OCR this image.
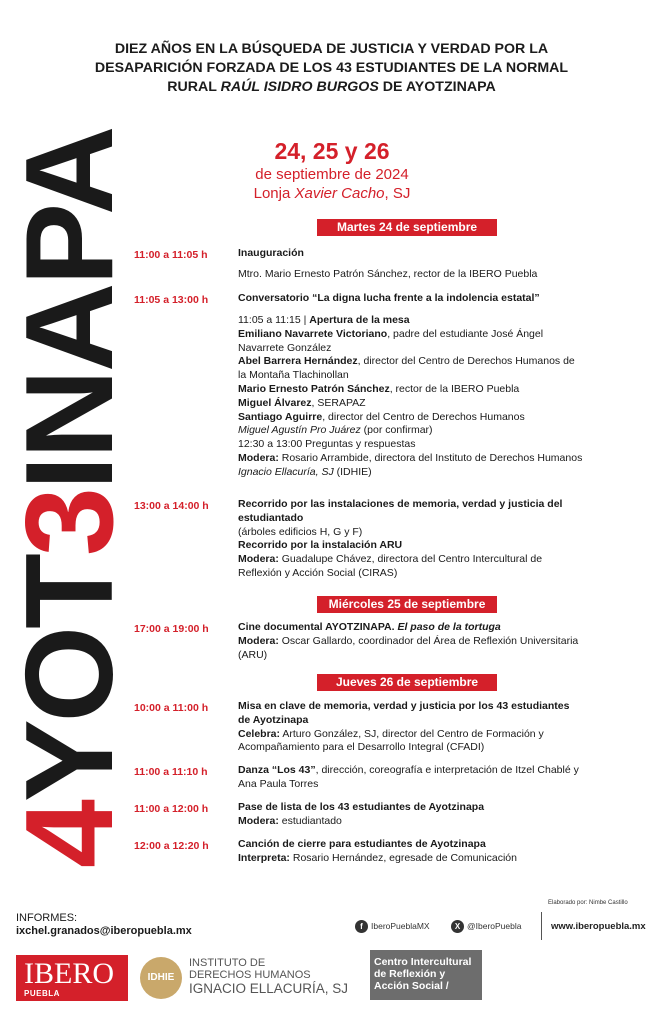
DIEZ AÑOS EN LA BÚSQUEDA DE JUSTICIA Y VERDAD POR LA
DESAPARICIÓN FORZADA DE LOS 43 ESTUDIANTES DE LA NORMAL
RURAL RAÚL ISIDRO BURGOS DE AYOTZINAPA
4YOT3INAPA	24, 25 y 26
de septiembre de 2024
Lonja Xavier Cacho, SJ
Martes 24 de septiembre
11:00 a 11:05 h	Inauguración
Mtro. Mario Ernesto Patrón Sánchez, rector de la IBERO Puebla
11:05 a 13:00 h	Conversatorio “La digna lucha frente a la indolencia estatal”
11:05 a 11:15 | Apertura de la mesa
Emiliano Navarrete Victoriano, padre del estudiante José Ángel Navarrete González
Abel Barrera Hernández, director del Centro de Derechos Humanos de la Montaña Tlachinollan
Mario Ernesto Patrón Sánchez, rector de la IBERO Puebla
Miguel Álvarez, SERAPAZ
Santiago Aguirre, director del Centro de Derechos Humanos
Miguel Agustín Pro Juárez (por confirmar)
12:30 a 13:00 Preguntas y respuestas
Modera: Rosario Arrambide, directora del Instituto de Derechos Humanos Ignacio Ellacuría, SJ (IDHIE)
13:00 a 14:00 h	Recorrido por las instalaciones de memoria, verdad y justicia del estudiantado
(árboles edificios H, G y F)
Recorrido por la instalación ARU
Modera: Guadalupe Chávez, directora del Centro Intercultural de Reflexión y Acción Social (CIRAS)
Miércoles 25 de septiembre
17:00 a 19:00 h	Cine documental AYOTZINAPA. El paso de la tortuga
Modera: Oscar Gallardo, coordinador del Área de Reflexión Universitaria (ARU)
Jueves 26 de septiembre
10:00 a 11:00 h	Misa en clave de memoria, verdad y justicia por los 43 estudiantes de Ayotzinapa
Celebra: Arturo González, SJ, director del Centro de Formación y Acompañamiento para el Desarrollo Integral (CFADI)
11:00 a 11:10 h	Danza “Los 43”, dirección, coreografía e interpretación de Itzel Chablé y Ana Paula Torres
11:00 a 12:00 h	Pase de lista de los 43 estudiantes de Ayotzinapa
Modera: estudiantado
12:00 a 12:20 h	Canción de cierre para estudiantes de Ayotzinapa
Interpreta: Rosario Hernández, egresade de Comunicación
INFORMES:
ixchel.granados@iberopuebla.mx
Elaborado por: Nimbe Castillo
f IberoPueblaMX	X @IberoPuebla	www.iberopuebla.mx
IBERO
PUEBLA
IDHIE
INSTITUTO DE
DERECHOS HUMANOS
IGNACIO ELLACURÍA, SJ
Centro Intercultural
de Reflexión y
Acción Social /
